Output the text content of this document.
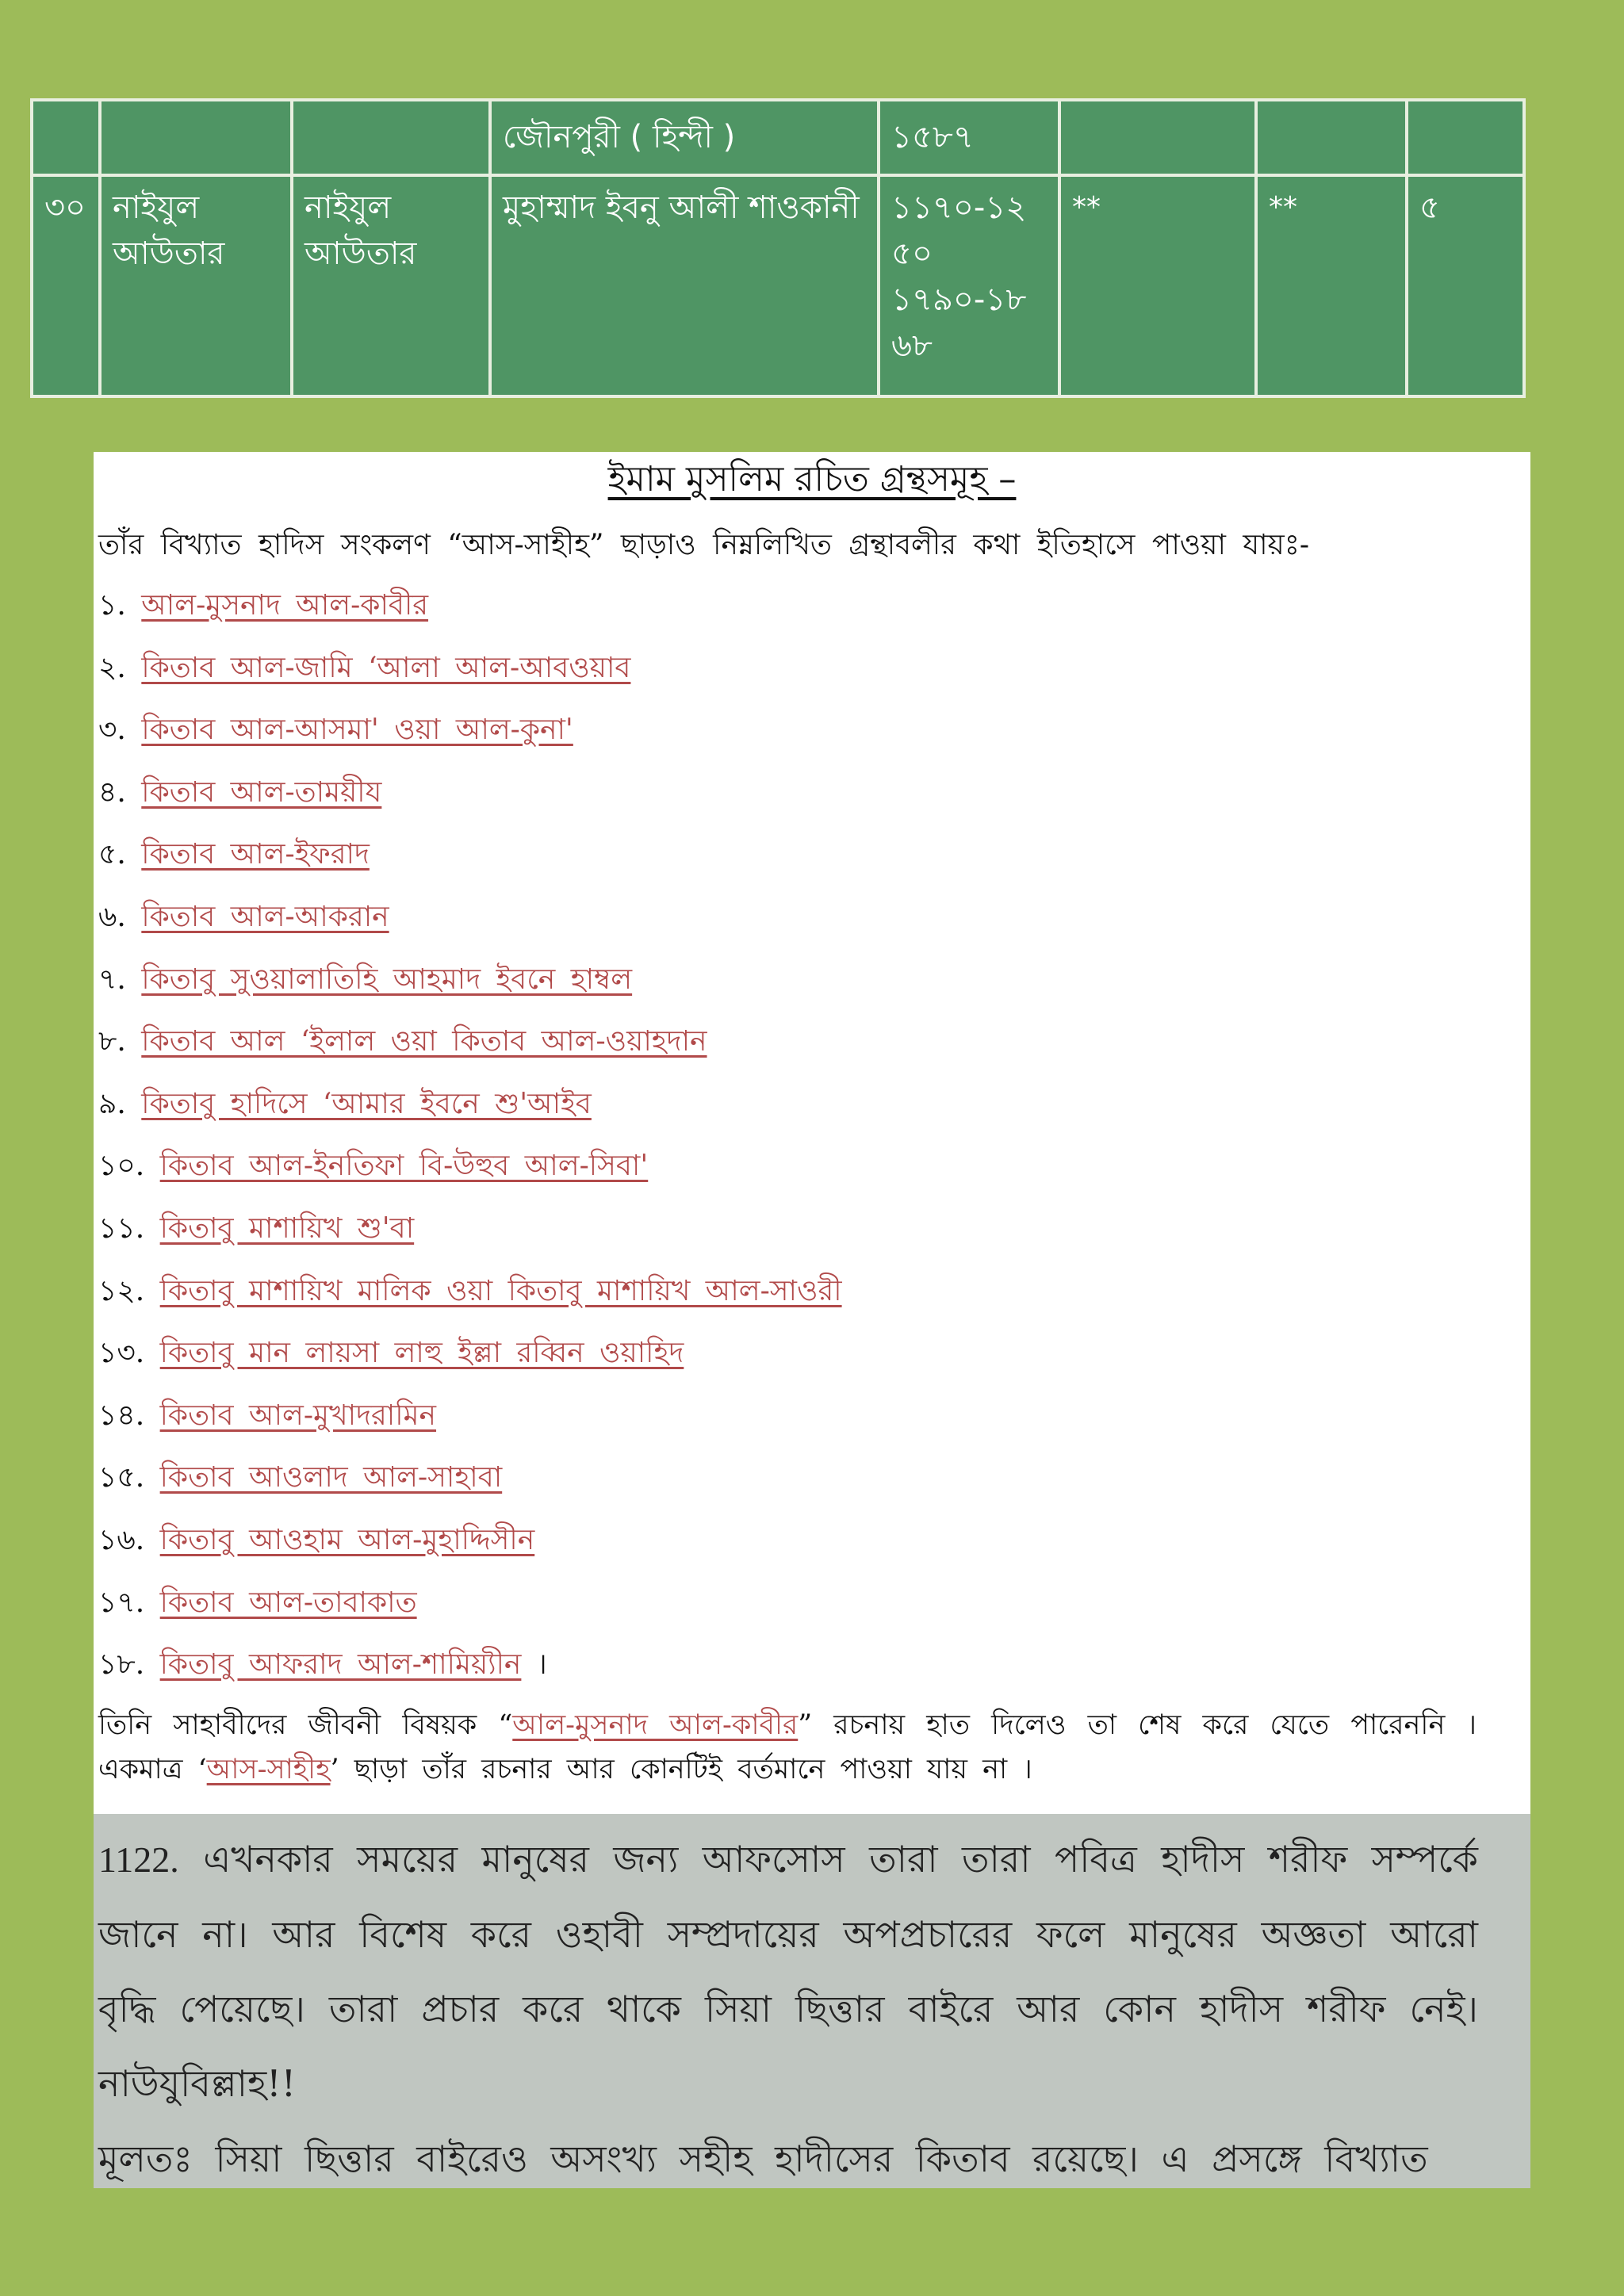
			জৌনপুরী ( হিন্দী )	১৫৮৭			
৩০	নাইযুল আউতার	নাইযুল আউতার	মুহাম্মাদ ইবনু আলী শাওকানী	১১৭০-১২৫০ ১৭৯০-১৮৬৮	**	**	৫
ইমাম মুসলিম রচিত গ্রন্থসমূহ –
তাঁর বিখ্যাত হাদিস সংকলণ “আস-সাহীহ” ছাড়াও নিম্নলিখিত গ্রন্থাবলীর কথা ইতিহাসে পাওয়া যায়ঃ-
১. আল-মুসনাদ আল-কাবীর
২. কিতাব আল-জামি ‘আলা আল-আবওয়াব
৩. কিতাব আল-আসমা' ওয়া আল-কুনা'
৪. কিতাব আল-তাময়ীয
৫. কিতাব আল-ইফরাদ
৬. কিতাব আল-আকরান
৭. কিতাবু সুওয়ালাতিহি আহমাদ ইবনে হাম্বল
৮. কিতাব আল ‘ইলাল ওয়া কিতাব আল-ওয়াহদান
৯. কিতাবু হাদিসে ‘আমার ইবনে শু'আইব
১০. কিতাব আল-ইনতিফা বি-উহুব আল-সিবা'
১১. কিতাবু মাশায়িখ শু'বা
১২. কিতাবু মাশায়িখ মালিক ওয়া কিতাবু মাশায়িখ আল-সাওরী
১৩. কিতাবু মান লায়সা লাহু ইল্লা রব্বিন ওয়াহিদ
১৪. কিতাব আল-মুখাদরামিন
১৫. কিতাব আওলাদ আল-সাহাবা
১৬. কিতাবু আওহাম আল-মুহাদ্দিসীন
১৭. কিতাব আল-তাবাকাত
১৮. কিতাবু আফরাদ আল-শামিয়্যীন ।

তিনি সাহাবীদের জীবনী বিষয়ক “আল-মুসনাদ আল-কাবীর” রচনায় হাত দিলেও তা শেষ করে যেতে পারেননি । একমাত্র ‘আস-সাহীহ’ ছাড়া তাঁর রচনার আর কোনটিই বর্তমানে পাওয়া যায় না ।

1122. এখনকার সময়ের মানুষের জন্য আফসোস তারা তারা পবিত্র হাদীস শরীফ সম্পর্কে জানে না। আর বিশেষ করে ওহাবী সম্প্রদায়ের অপপ্রচারের ফলে মানুষের অজ্ঞতা আরো বৃদ্ধি পেয়েছে। তারা প্রচার করে থাকে সিয়া ছিত্তার বাইরে আর কোন হাদীস শরীফ নেই। নাউযুবিল্লাহ!!

মূলতঃ সিয়া ছিত্তার বাইরেও অসংখ্য সহীহ হাদীসের কিতাব রয়েছে। এ প্রসঙ্গে বিখ্যাত
